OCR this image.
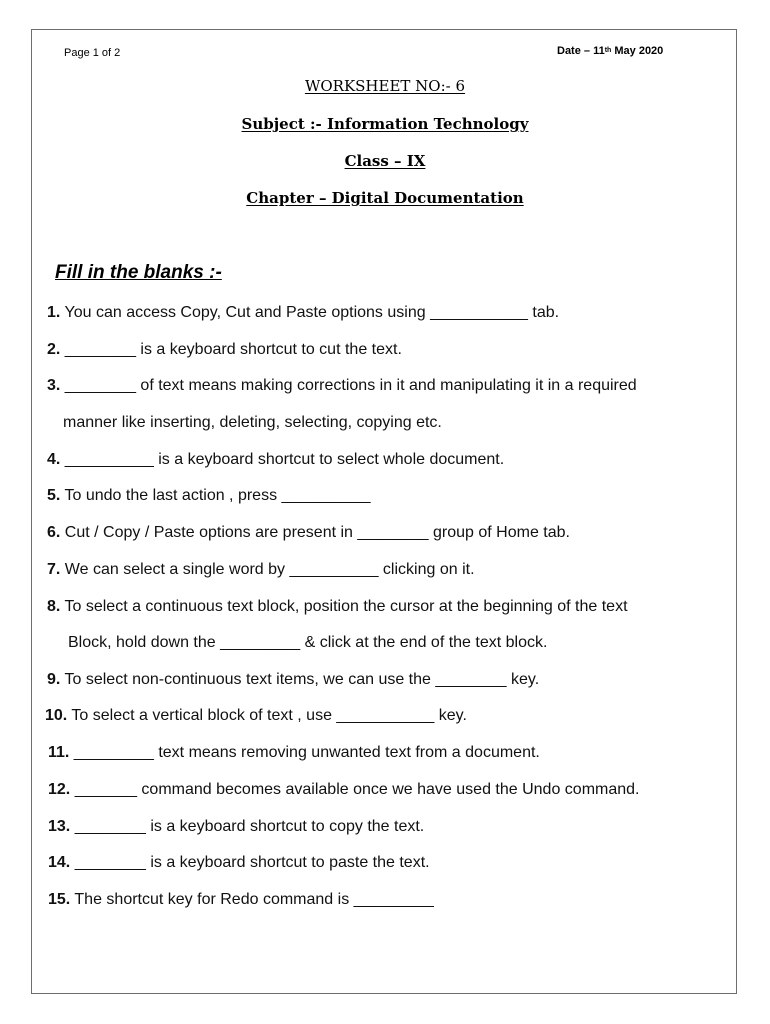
Page 1 of 2	Date – 11th May 2020
WORKSHEET NO:- 6
Subject :- Information Technology
Class – IX
Chapter – Digital Documentation
Fill in the blanks :-
1. You can access Copy, Cut and Paste options using ___________ tab.
2. ________ is a keyboard shortcut to cut the text.
3. ________ of text means making corrections in it and manipulating it in a required
manner like inserting, deleting, selecting, copying etc.
4. __________ is a keyboard shortcut to select whole document.
5. To undo the last action , press __________
6. Cut / Copy / Paste options are present in ________ group of Home tab.
7. We can select a single word by __________ clicking on it.
8. To select a continuous text block, position the cursor at the beginning of the text
Block, hold down the _________ & click at the end of the text block.
9. To select non-continuous text items, we can use the ________ key.
10. To select a vertical block of text , use ___________ key.
11. _________ text means removing unwanted text from a document.
12. _______ command becomes available once we have used the Undo command.
13. ________ is a keyboard shortcut to copy the text.
14. ________ is a keyboard shortcut to paste the text.
15. The shortcut key for Redo command is _________
